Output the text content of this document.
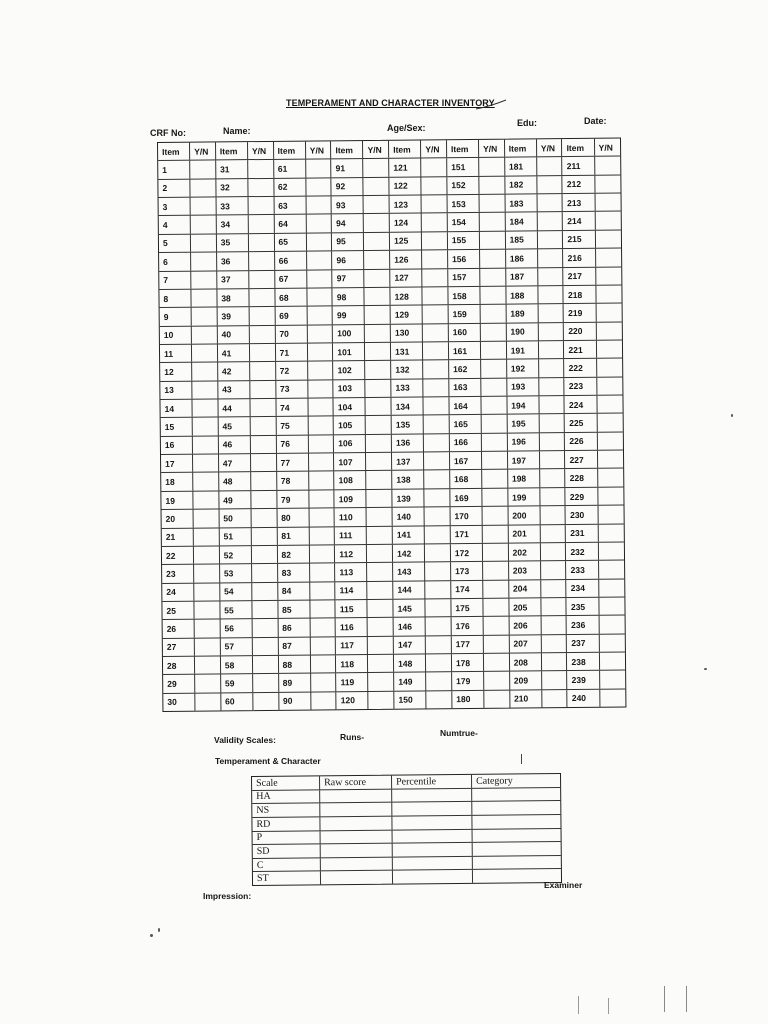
TEMPERAMENT AND CHARACTER INVENTORY
CRF No:	Name:	Age/Sex:	Edu:	Date:
Item	Y/N	Item	Y/N	Item	Y/N	Item	Y/N	Item	Y/N	Item	Y/N	Item	Y/N	Item	Y/N
1	31	61	91	121	151	181	211
2	32	62	92	122	152	182	212
3	33	63	93	123	153	183	213
4	34	64	94	124	154	184	214
5	35	65	95	125	155	185	215
6	36	66	96	126	156	186	216
7	37	67	97	127	157	187	217
8	38	68	98	128	158	188	218
9	39	69	99	129	159	189	219
10	40	70	100	130	160	190	220
11	41	71	101	131	161	191	221
12	42	72	102	132	162	192	222
13	43	73	103	133	163	193	223
14	44	74	104	134	164	194	224
15	45	75	105	135	165	195	225
16	46	76	106	136	166	196	226
17	47	77	107	137	167	197	227
18	48	78	108	138	168	198	228
19	49	79	109	139	169	199	229
20	50	80	110	140	170	200	230
21	51	81	111	141	171	201	231
22	52	82	112	142	172	202	232
23	53	83	113	143	173	203	233
24	54	84	114	144	174	204	234
25	55	85	115	145	175	205	235
26	56	86	116	146	176	206	236
27	57	87	117	147	177	207	237
28	58	88	118	148	178	208	238
29	59	89	119	149	179	209	239
30	60	90	120	150	180	210	240
Validity Scales:	Runs-	Numtrue-
Temperament & Character
Scale	Raw score	Percentile	Category
HA
NS
RD
P
SD
C
ST
Examiner
Impression:
